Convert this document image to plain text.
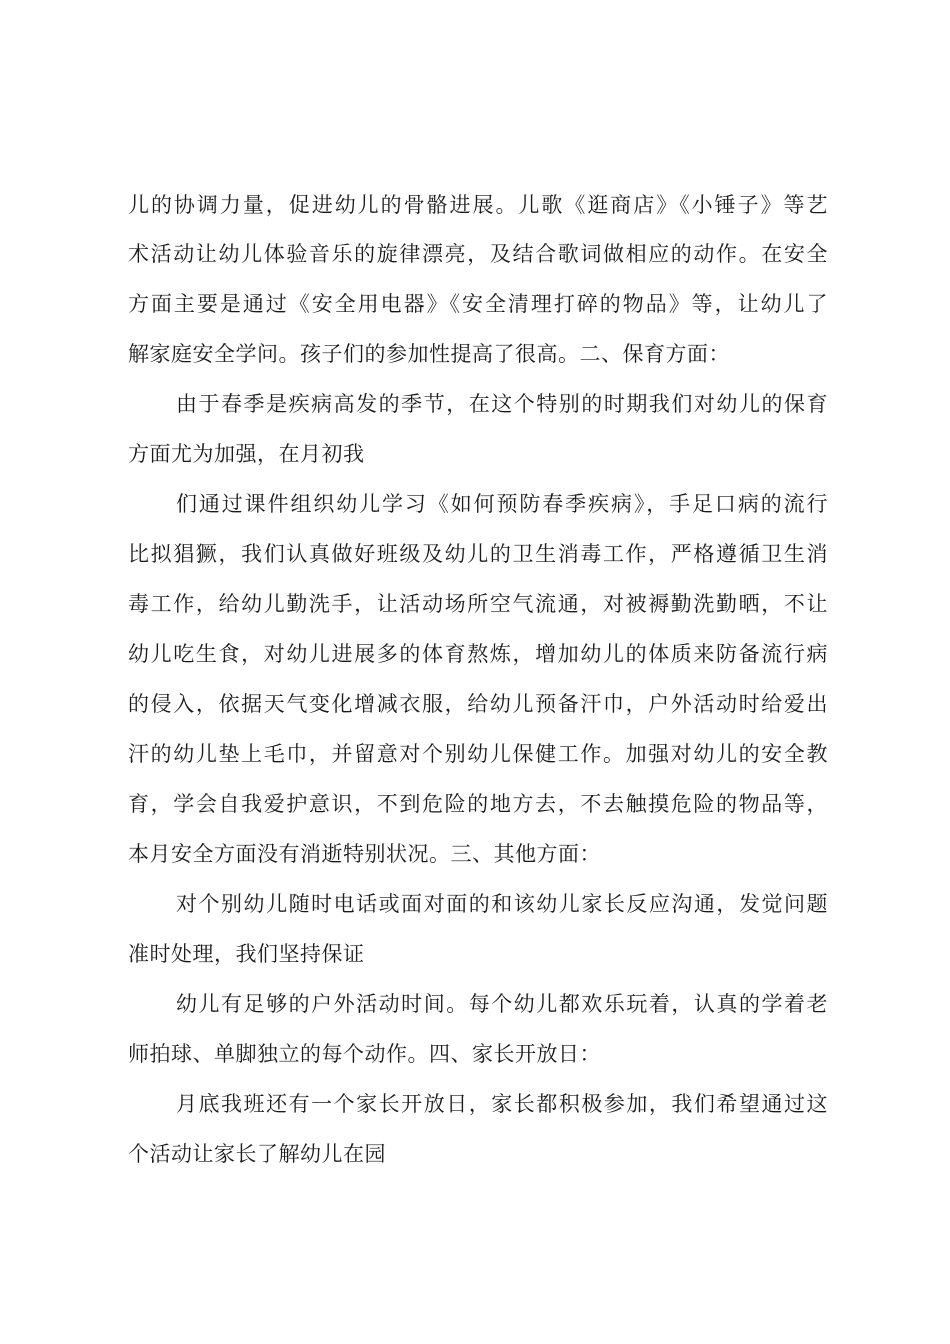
儿的协调力量，促进幼儿的骨骼进展。儿歌《逛商店》《小锤子》等艺
术活动让幼儿体验音乐的旋律漂亮，及结合歌词做相应的动作。在安全
方面主要是通过《安全用电器》《安全清理打碎的物品》等，让幼儿了
解家庭安全学问。孩子们的参加性提高了很高。二、保育方面：
由于春季是疾病高发的季节，在这个特别的时期我们对幼儿的保育
方面尤为加强，在月初我
们通过课件组织幼儿学习《如何预防春季疾病》，手足口病的流行
比拟猖獗，我们认真做好班级及幼儿的卫生消毒工作，严格遵循卫生消
毒工作，给幼儿勤洗手，让活动场所空气流通，对被褥勤洗勤晒，不让
幼儿吃生食，对幼儿进展多的体育熬炼，增加幼儿的体质来防备流行病
的侵入，依据天气变化增减衣服，给幼儿预备汗巾，户外活动时给爱出
汗的幼儿垫上毛巾，并留意对个别幼儿保健工作。加强对幼儿的安全教
育，学会自我爱护意识，不到危险的地方去，不去触摸危险的物品等，
本月安全方面没有消逝特别状况。三、其他方面：
对个别幼儿随时电话或面对面的和该幼儿家长反应沟通，发觉问题
准时处理，我们坚持保证
幼儿有足够的户外活动时间。每个幼儿都欢乐玩着，认真的学着老
师拍球、单脚独立的每个动作。四、家长开放日：
月底我班还有一个家长开放日，家长都积极参加，我们希望通过这
个活动让家长了解幼儿在园
